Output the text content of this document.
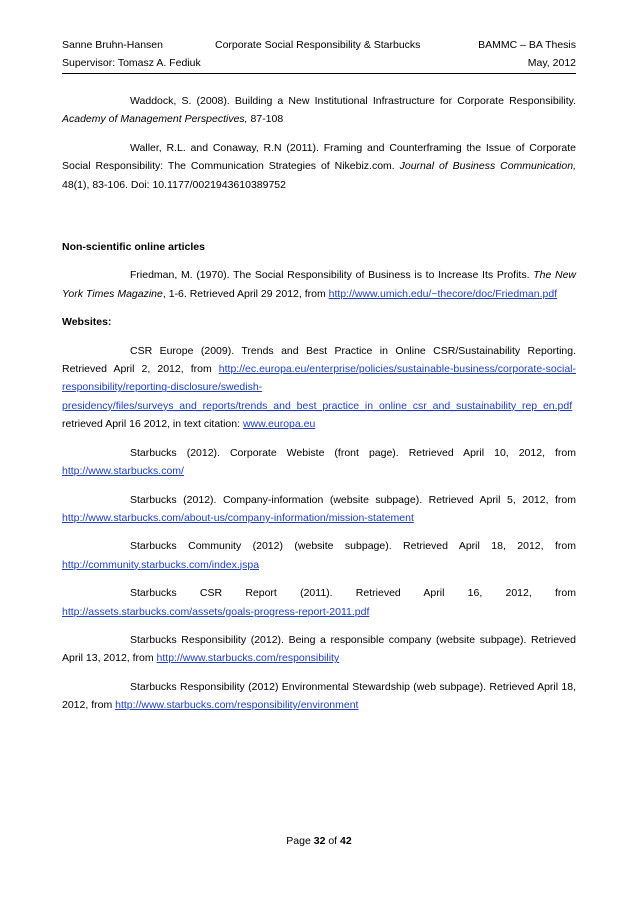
Sanne Bruhn-Hansen	Corporate Social Responsibility & Starbucks	BAMMC – BA Thesis
Supervisor: Tomasz A. Fediuk	May, 2012

Waddock, S. (2008). Building a New Institutional Infrastructure for Corporate Responsibility. Academy of Management Perspectives, 87-108

Waller, R.L. and Conaway, R.N (2011). Framing and Counterframing the Issue of Corporate Social Responsibility: The Communication Strategies of Nikebiz.com. Journal of Business Communication, 48(1), 83-106. Doi: 10.1177/0021943610389752

Non-scientific online articles

Friedman, M. (1970). The Social Responsibility of Business is to Increase Its Profits. The New York Times Magazine, 1-6. Retrieved April 29 2012, from http://www.umich.edu/~thecore/doc/Friedman.pdf

Websites:

CSR Europe (2009). Trends and Best Practice in Online CSR/Sustainability Reporting. Retrieved April 2, 2012, from http://ec.europa.eu/enterprise/policies/sustainable-business/corporate-social-responsibility/reporting-disclosure/swedish-presidency/files/surveys_and_reports/trends_and_best_practice_in_online_csr_and_sustainability_rep_en.pdf      retrieved April 16 2012, in text citation: www.europa.eu

Starbucks (2012). Corporate Webiste (front page). Retrieved April 10, 2012, from http://www.starbucks.com/

Starbucks (2012). Company-information (website subpage). Retrieved April 5, 2012, from http://www.starbucks.com/about-us/company-information/mission-statement

Starbucks Community (2012) (website subpage). Retrieved April 18, 2012, from http://community.starbucks.com/index.jspa

Starbucks CSR Report (2011). Retrieved April 16, 2012, from http://assets.starbucks.com/assets/goals-progress-report-2011.pdf

Starbucks Responsibility (2012). Being a responsible company (website subpage). Retrieved April 13, 2012, from http://www.starbucks.com/responsibility

Starbucks Responsibility (2012) Environmental Stewardship (web subpage). Retrieved April 18, 2012, from http://www.starbucks.com/responsibility/environment

Page 32 of 42
